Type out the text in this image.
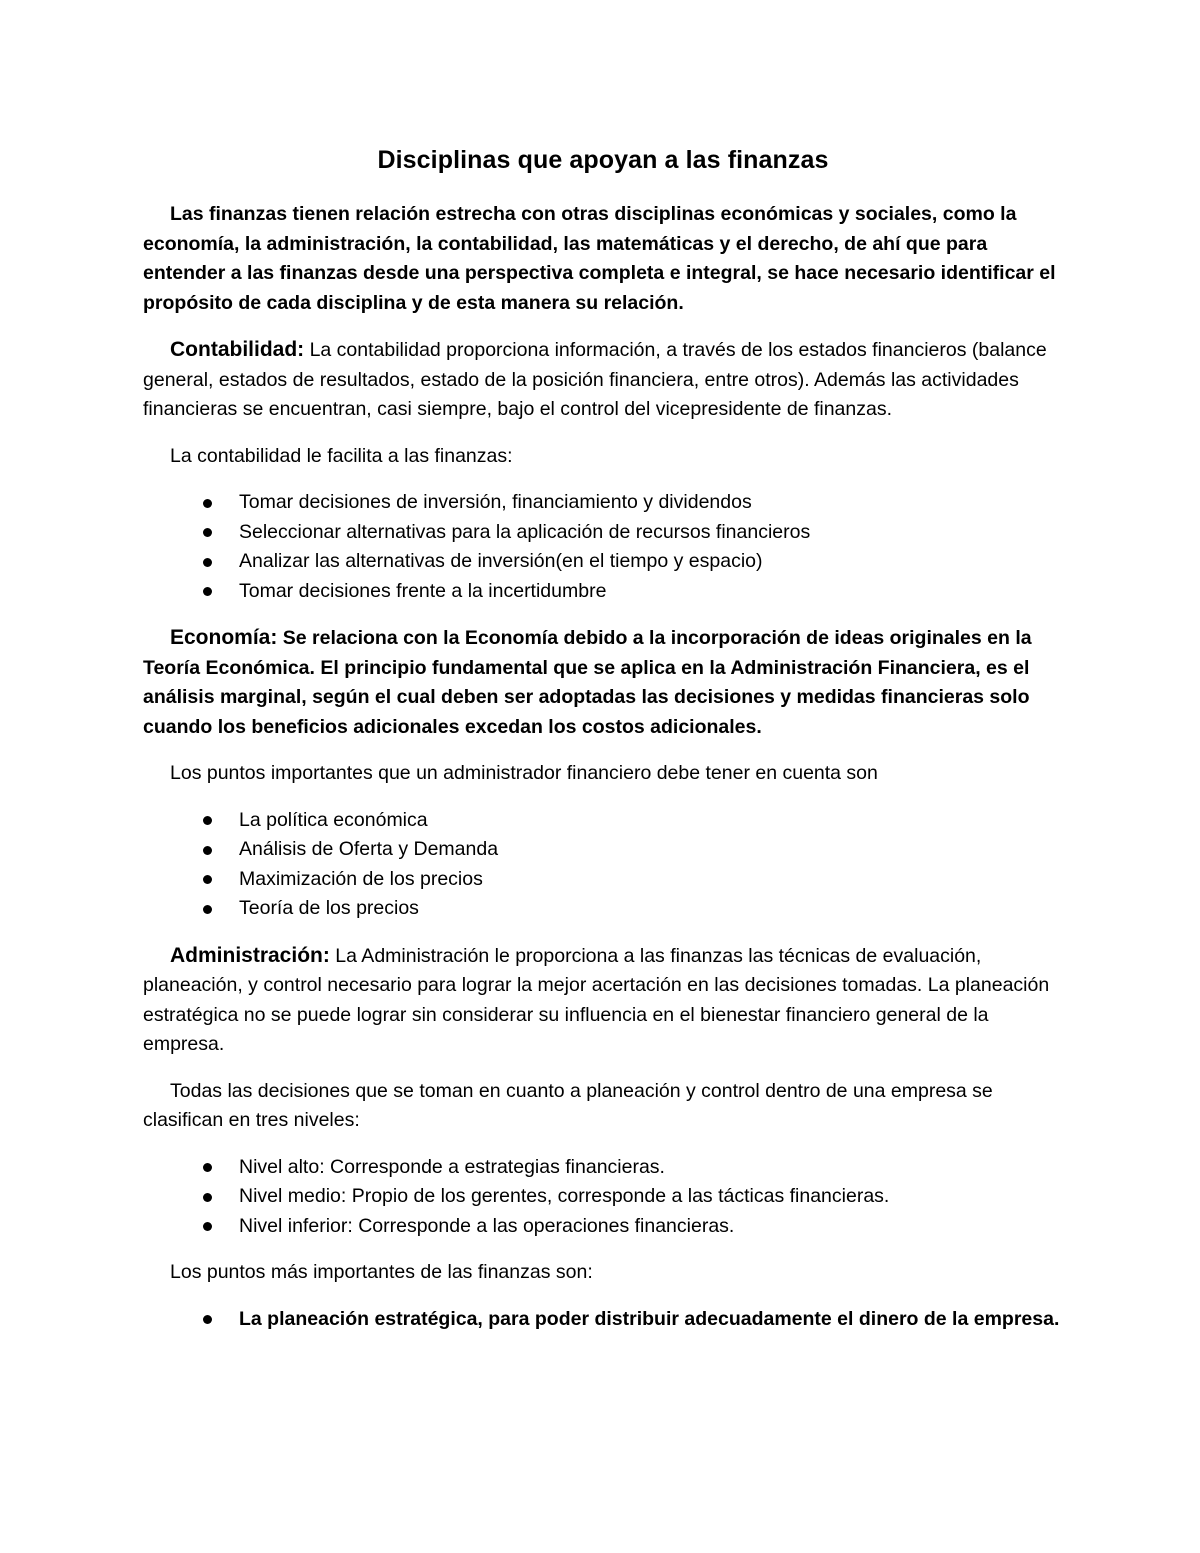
Disciplinas que apoyan a las finanzas

Las finanzas tienen relación estrecha con otras disciplinas económicas y sociales, como la economía, la administración, la contabilidad, las matemáticas y el derecho, de ahí que para entender a las finanzas desde una perspectiva completa e integral, se hace necesario identificar el propósito de cada disciplina y de esta manera su relación.

Contabilidad: La contabilidad proporciona información, a través de los estados financieros (balance general, estados de resultados, estado de la posición financiera, entre otros). Además las actividades financieras se encuentran, casi siempre, bajo el control del vicepresidente de finanzas.

La contabilidad le facilita a las finanzas:

Tomar decisiones de inversión, financiamiento y dividendos
Seleccionar alternativas para la aplicación de recursos financieros
Analizar las alternativas de inversión(en el tiempo y espacio)
Tomar decisiones frente a la incertidumbre

Economía: Se relaciona con la Economía debido a la incorporación de ideas originales en la Teoría Económica. El principio fundamental que se aplica en la Administración Financiera, es el análisis marginal, según el cual deben ser adoptadas las decisiones y medidas financieras solo cuando los beneficios adicionales excedan los costos adicionales.

Los puntos importantes que un administrador financiero debe tener en cuenta son

La política económica
Análisis de Oferta y Demanda
Maximización de los precios
Teoría de los precios

Administración: La Administración le proporciona a las finanzas las técnicas de evaluación, planeación, y control necesario para lograr la mejor acertación en las decisiones tomadas. La planeación estratégica no se puede lograr sin considerar su influencia en el bienestar financiero general de la empresa.

Todas las decisiones que se toman en cuanto a planeación y control dentro de una empresa se clasifican en tres niveles:

Nivel alto: Corresponde a estrategias financieras.
Nivel medio: Propio de los gerentes, corresponde a las tácticas financieras.
Nivel inferior: Corresponde a las operaciones financieras.

Los puntos más importantes de las finanzas son:

La planeación estratégica, para poder distribuir adecuadamente el dinero de la empresa.
